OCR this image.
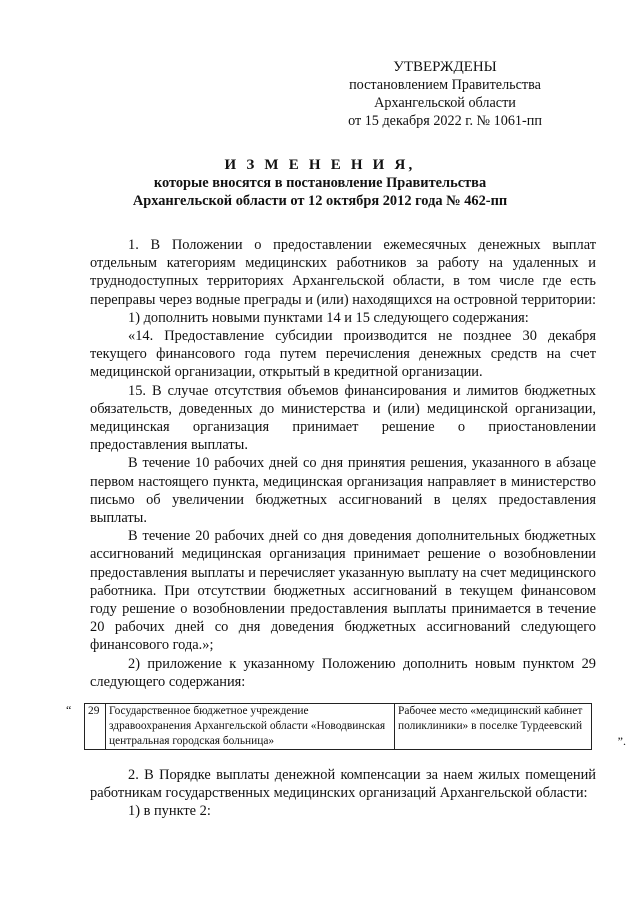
УТВЕРЖДЕНЫ
постановлением Правительства
Архангельской области
от 15 декабря 2022 г. № 1061-пп
И З М Е Н Е Н И Я,
которые вносятся в постановление Правительства
Архангельской области от 12 октября 2012 года № 462-пп

1. В Положении о предоставлении ежемесячных денежных выплат отдельным категориям медицинских работников за работу на удаленных и труднодоступных территориях Архангельской области, в том числе где есть переправы через водные преграды и (или) находящихся на островной территории:

1) дополнить новыми пунктами 14 и 15 следующего содержания:

«14. Предоставление субсидии производится не позднее 30 декабря текущего финансового года путем перечисления денежных средств на счет медицинской организации, открытый в кредитной организации.

15. В случае отсутствия объемов финансирования и лимитов бюджетных обязательств, доведенных до министерства и (или) медицинской организации, медицинская организация принимает решение о приостановлении предоставления выплаты.

В течение 10 рабочих дней со дня принятия решения, указанного в абзаце первом настоящего пункта, медицинская организация направляет в министерство письмо об увеличении бюджетных ассигнований в целях предоставления выплаты.

В течение 20 рабочих дней со дня доведения дополнительных бюджетных ассигнований медицинская организация принимает решение о возобновлении предоставления выплаты и перечисляет указанную выплату на счет медицинского работника. При отсутствии бюджетных ассигнований в текущем финансовом году решение о возобновлении предоставления выплаты принимается в течение 20 рабочих дней со дня доведения бюджетных ассигнований следующего финансового года.»;

2) приложение к указанному Положению дополнить новым пунктом 29 следующего содержания:

“ 29	Государственное бюджетное учреждение здравоохранения Архангельской области «Новодвинская центральная городская больница»	Рабочее место «медицинский кабинет поликлиники» в поселке Турдеевский
”.

2. В Порядке выплаты денежной компенсации за наем жилых помещений работникам государственных медицинских организаций Архангельской области:

1) в пункте 2:
